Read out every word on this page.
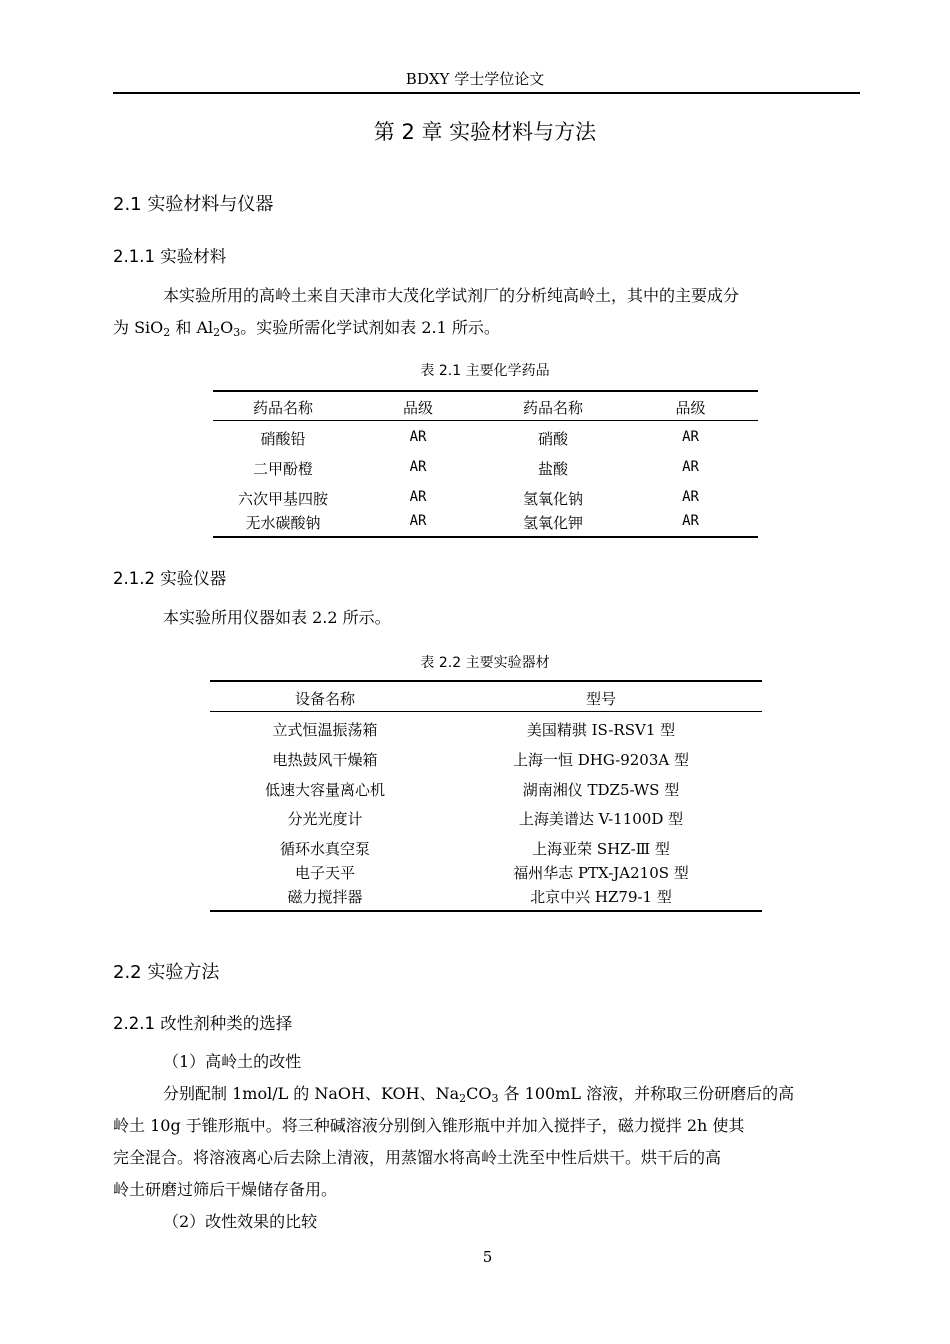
BDXY 学士学位论文
第 2 章 实验材料与方法
2.1 实验材料与仪器
2.1.1 实验材料
本实验所用的高岭土来自天津市大茂化学试剂厂的分析纯高岭土，其中的主要成分
为 SiO$_2$ 和 $Al_2O_3$。实验所需化学试剂如表 2.1 所示。
表 2.1 主要化学药品
药品名称	品级	药品名称	品级
硝酸铅	AR	硝酸	AR
二甲酚橙	AR	盐酸	AR
六次甲基四胺	AR	氢氧化钠	AR
无水碳酸钠	AR	氢氧化钾	AR
2.1.2 实验仪器
本实验所用仪器如表 2.2 所示。
表 2.2 主要实验器材
设备名称	型号
立式恒温振荡箱	美国精骐 IS-RSV1 型
电热鼓风干燥箱	上海一恒 DHG-9203A 型
低速大容量离心机	湖南湘仪 TDZ5-WS 型
分光光度计	上海美谱达 V-1100D 型
循环水真空泵	上海亚荣 SHZ-Ⅲ 型
电子天平	福州华志 PTX-JA210S 型
磁力搅拌器	北京中兴 HZ79-1 型
2.2 实验方法
2.2.1 改性剂种类的选择
（1）高岭土的改性
分别配制 1mol/L 的 NaOH、KOH、$Na_2CO_3$ 各 100mL 溶液，并称取三份研磨后的高
岭土 10g 于锥形瓶中。将三种碱溶液分别倒入锥形瓶中并加入搅拌子，磁力搅拌 2h 使其
完全混合。将溶液离心后去除上清液，用蒸馏水将高岭土洗至中性后烘干。烘干后的高
岭土研磨过筛后干燥储存备用。
（2）改性效果的比较
5
